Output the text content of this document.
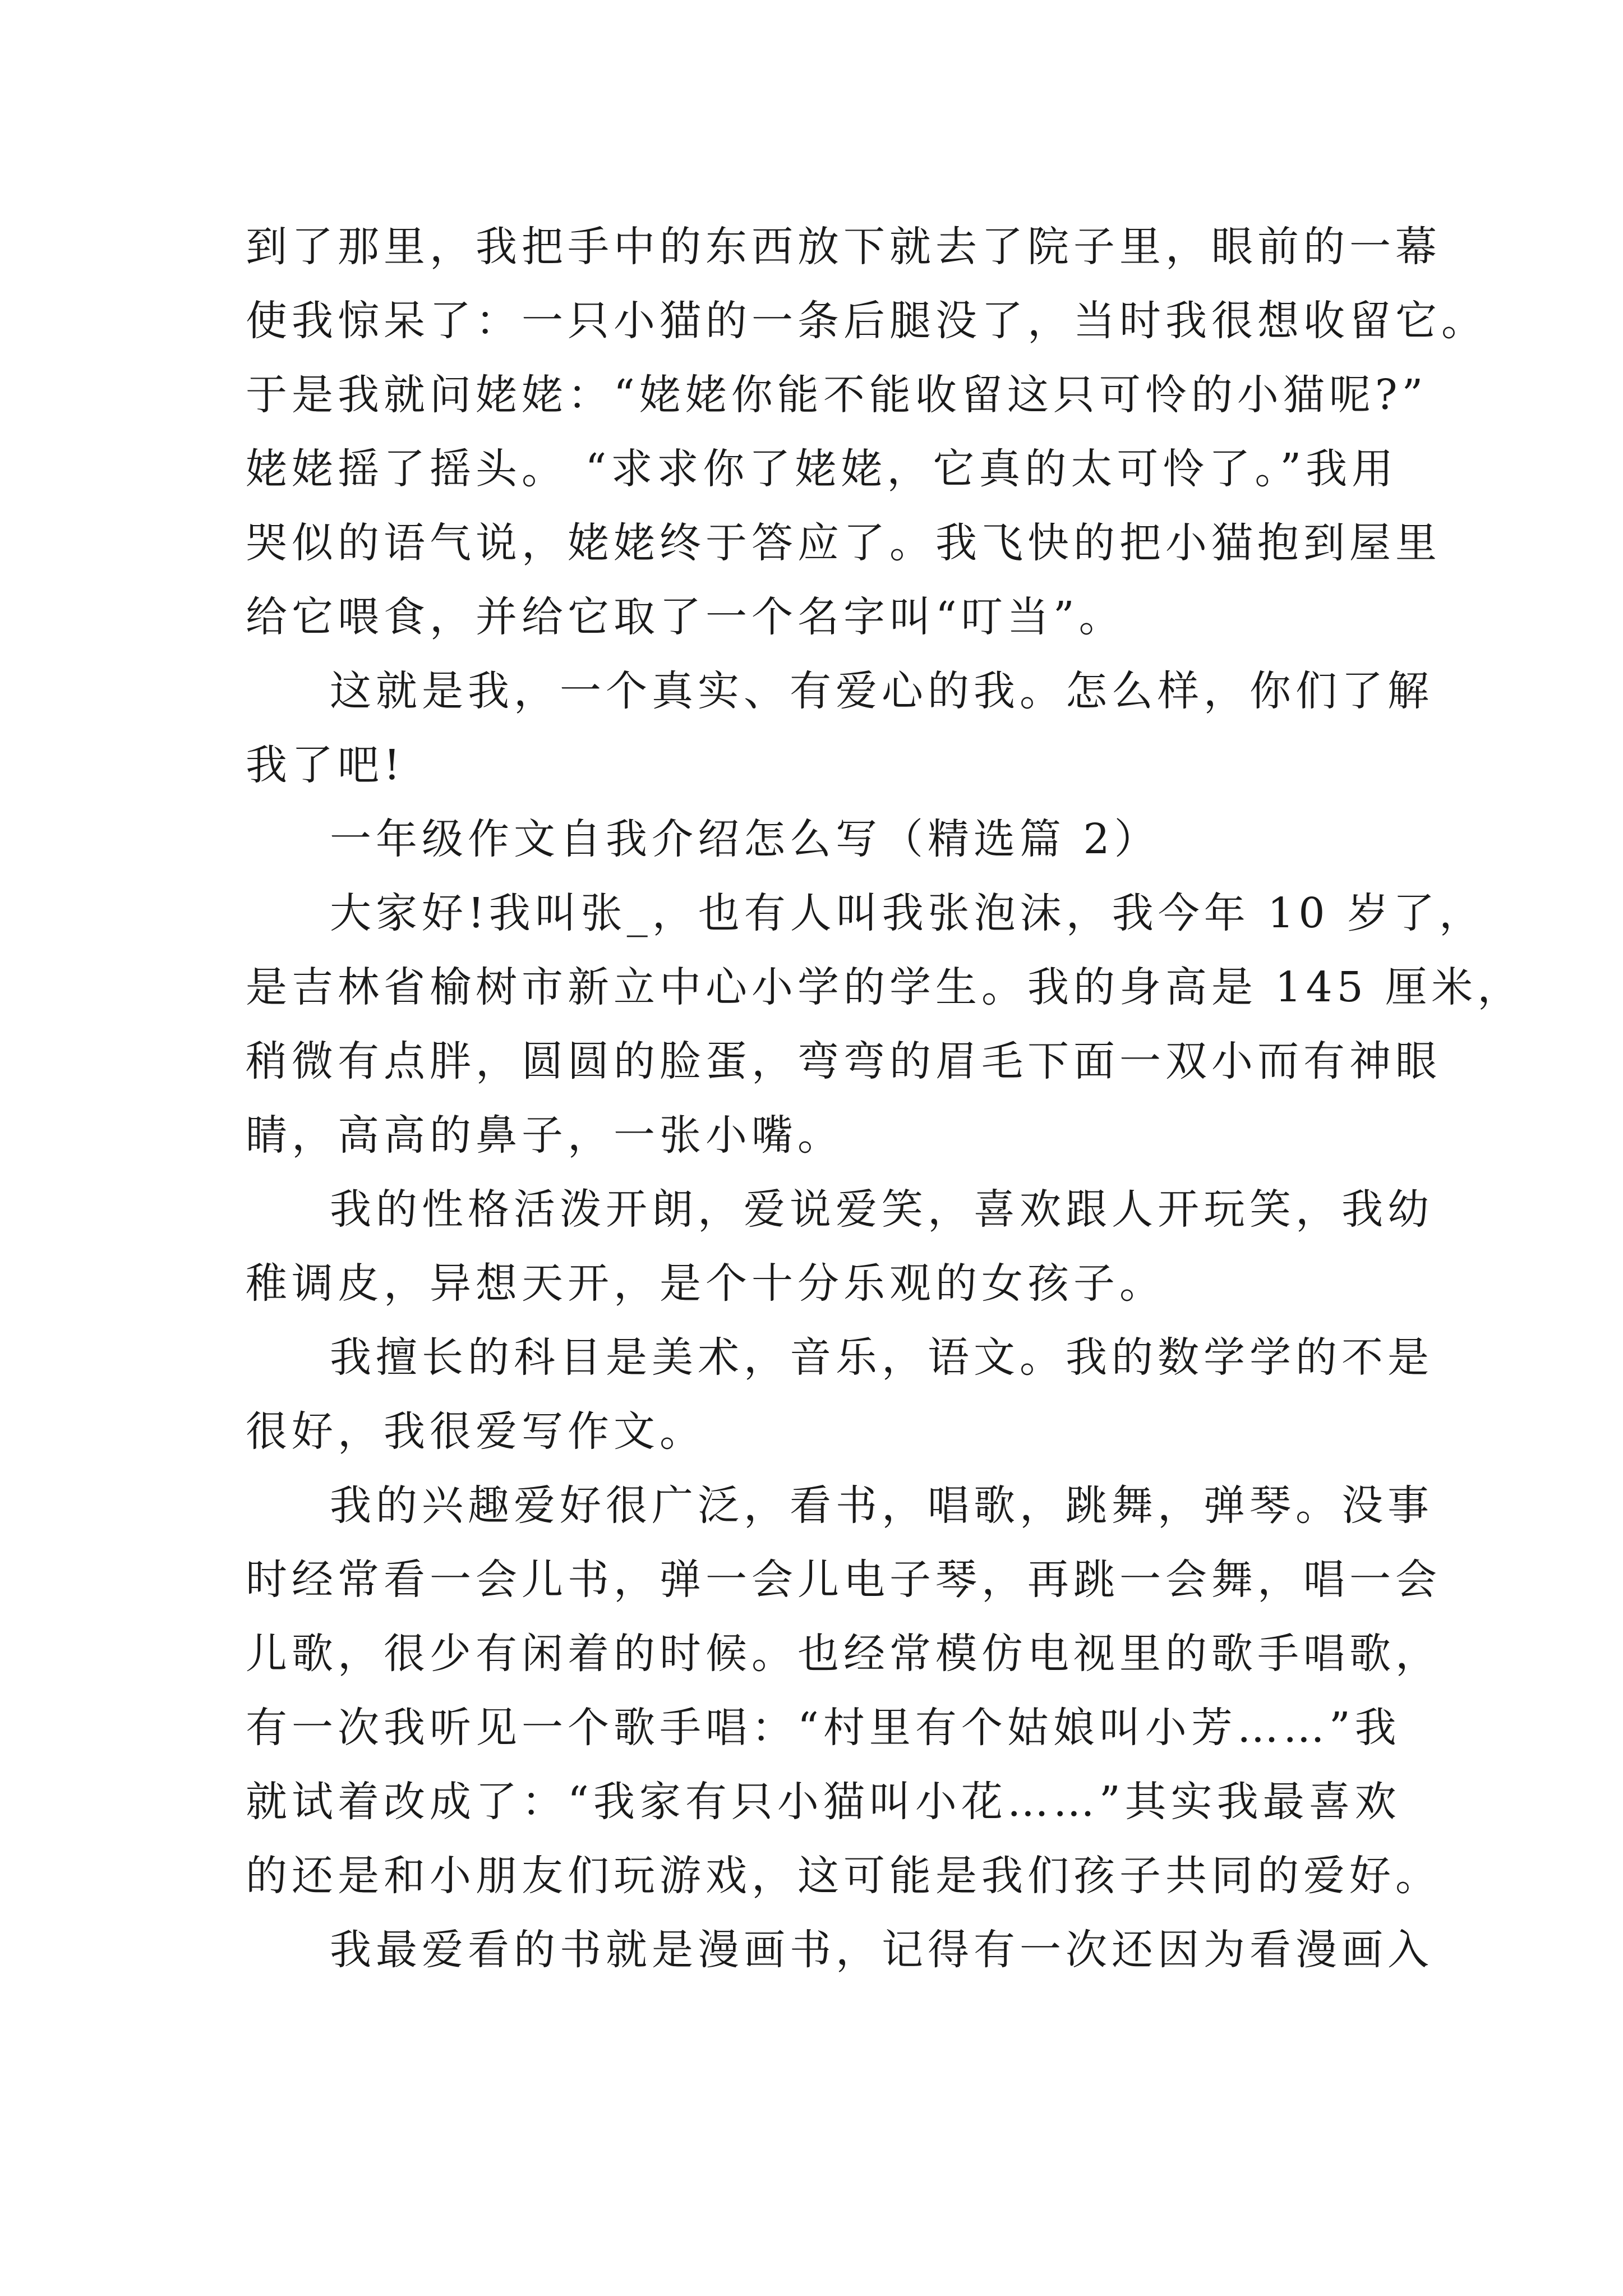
到了那里，我把手中的东西放下就去了院子里，眼前的一幕
使我惊呆了：一只小猫的一条后腿没了，当时我很想收留它。
于是我就问姥姥：“姥姥你能不能收留这只可怜的小猫呢?”
姥姥摇了摇头。 “求求你了姥姥，它真的太可怜了。”我用
哭似的语气说，姥姥终于答应了。我飞快的把小猫抱到屋里
给它喂食，并给它取了一个名字叫“叮当”。
这就是我，一个真实、有爱心的我。怎么样，你们了解
我了吧!
一年级作文自我介绍怎么写（精选篇 2）
大家好!我叫张_，也有人叫我张泡沫，我今年 10 岁了，
是吉林省榆树市新立中心小学的学生。我的身高是 145 厘米，
稍微有点胖，圆圆的脸蛋，弯弯的眉毛下面一双小而有神眼
睛，高高的鼻子，一张小嘴。
我的性格活泼开朗，爱说爱笑，喜欢跟人开玩笑，我幼
稚调皮，异想天开，是个十分乐观的女孩子。
我擅长的科目是美术，音乐，语文。我的数学学的不是
很好，我很爱写作文。
我的兴趣爱好很广泛，看书，唱歌，跳舞，弹琴。没事
时经常看一会儿书，弹一会儿电子琴，再跳一会舞，唱一会
儿歌，很少有闲着的时候。也经常模仿电视里的歌手唱歌，
有一次我听见一个歌手唱：“村里有个姑娘叫小芳……”我
就试着改成了：“我家有只小猫叫小花……”其实我最喜欢
的还是和小朋友们玩游戏，这可能是我们孩子共同的爱好。
我最爱看的书就是漫画书，记得有一次还因为看漫画入
